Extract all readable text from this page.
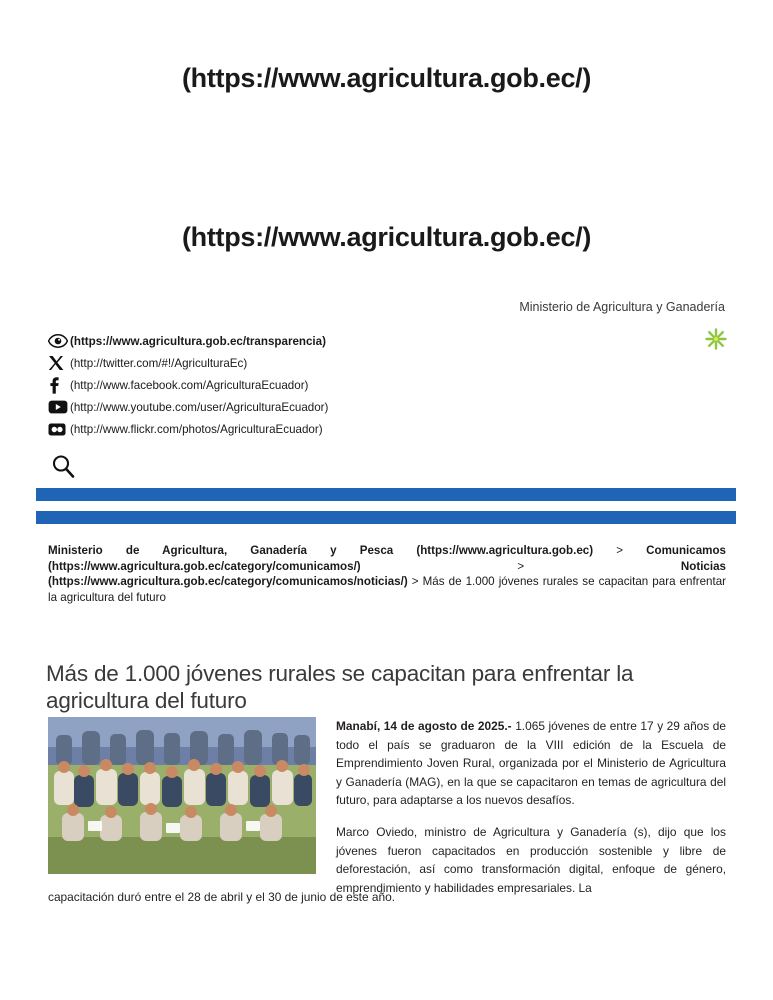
(https://www.agricultura.gob.ec/)
(https://www.agricultura.gob.ec/)
Ministerio de Agricultura y Ganadería
(https://www.agricultura.gob.ec/transparencia)
(http://twitter.com/#!/AgriculturaEc)
(http://www.facebook.com/AgriculturaEcuador)
(http://www.youtube.com/user/AgriculturaEcuador)
(http://www.flickr.com/photos/AgriculturaEcuador)
Ministerio de Agricultura, Ganadería y Pesca (https://www.agricultura.gob.ec) > Comunicamos (https://www.agricultura.gob.ec/category/comunicamos/) > Noticias (https://www.agricultura.gob.ec/category/comunicamos/noticias/) > Más de 1.000 jóvenes rurales se capacitan para enfrentar la agricultura del futuro
Más de 1.000 jóvenes rurales se capacitan para enfrentar la agricultura del futuro

Manabí, 14 de agosto de 2025.- 1.065 jóvenes de entre 17 y 29 años de todo el país se graduaron de la VIII edición de la Escuela de Emprendimiento Joven Rural, organizada por el Ministerio de Agricultura y Ganadería (MAG), en la que se capacitaron en temas de agricultura del futuro, para adaptarse a los nuevos desafíos.

Marco Oviedo, ministro de Agricultura y Ganadería (s), dijo que los jóvenes fueron capacitados en producción sostenible y libre de deforestación, así como transformación digital, enfoque de género, emprendimiento y habilidades empresariales. La

capacitación duró entre el 28 de abril y el 30 de junio de este año.
